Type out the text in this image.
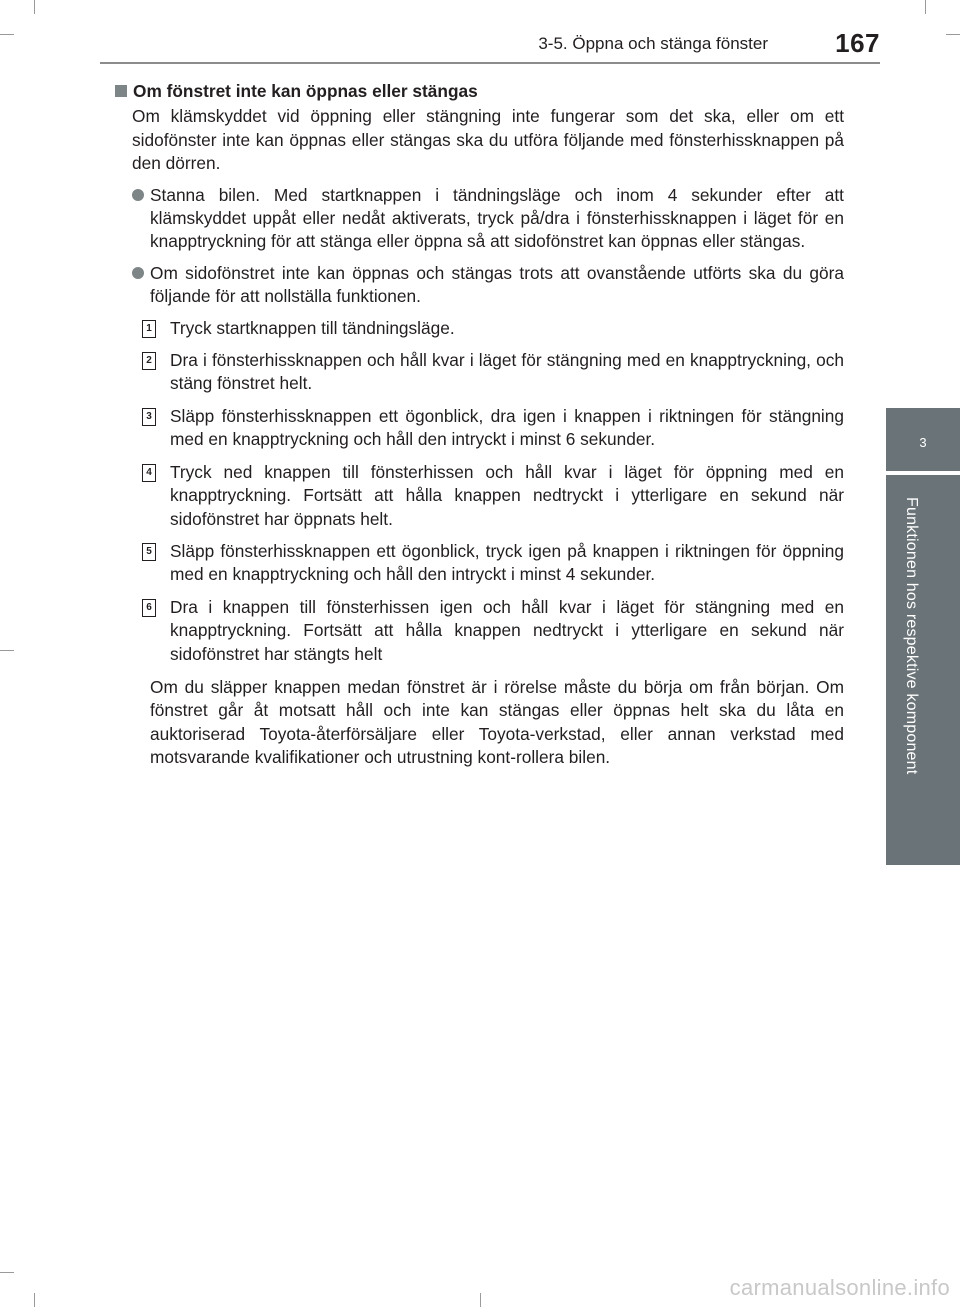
3-5. Öppna och stänga fönster	167
3
Funktionen hos respektive komponent
Om fönstret inte kan öppnas eller stängas
Om klämskyddet vid öppning eller stängning inte fungerar som det ska, eller om ett sidofönster inte kan öppnas eller stängas ska du utföra följande med fönsterhissknappen på den dörren.
Stanna bilen. Med startknappen i tändningsläge och inom 4 sekunder efter att klämskyddet uppåt eller nedåt aktiverats, tryck på/dra i fönsterhissknappen i läget för en knapptryckning för att stänga eller öppna så att sidofönstret kan öppnas eller stängas.
Om sidofönstret inte kan öppnas och stängas trots att ovanstående utförts ska du göra följande för att nollställa funktionen.
1 Tryck startknappen till tändningsläge.
2 Dra i fönsterhissknappen och håll kvar i läget för stängning med en knapptryckning, och stäng fönstret helt.
3 Släpp fönsterhissknappen ett ögonblick, dra igen i knappen i riktningen för stängning med en knapptryckning och håll den intryckt i minst 6 sekunder.
4 Tryck ned knappen till fönsterhissen och håll kvar i läget för öppning med en knapptryckning. Fortsätt att hålla knappen nedtryckt i ytterligare en sekund när sidofönstret har öppnats helt.
5 Släpp fönsterhissknappen ett ögonblick, tryck igen på knappen i riktningen för öppning med en knapptryckning och håll den intryckt i minst 4 sekunder.
6 Dra i knappen till fönsterhissen igen och håll kvar i läget för stängning med en knapptryckning. Fortsätt att hålla knappen nedtryckt i ytterligare en sekund när sidofönstret har stängts helt
Om du släpper knappen medan fönstret är i rörelse måste du börja om från början. Om fönstret går åt motsatt håll och inte kan stängas eller öppnas helt ska du låta en auktoriserad Toyota-återförsäljare eller Toyota-verkstad, eller annan verkstad med motsvarande kvalifikationer och utrustning kont-rollera bilen.
carmanualsonline.info
